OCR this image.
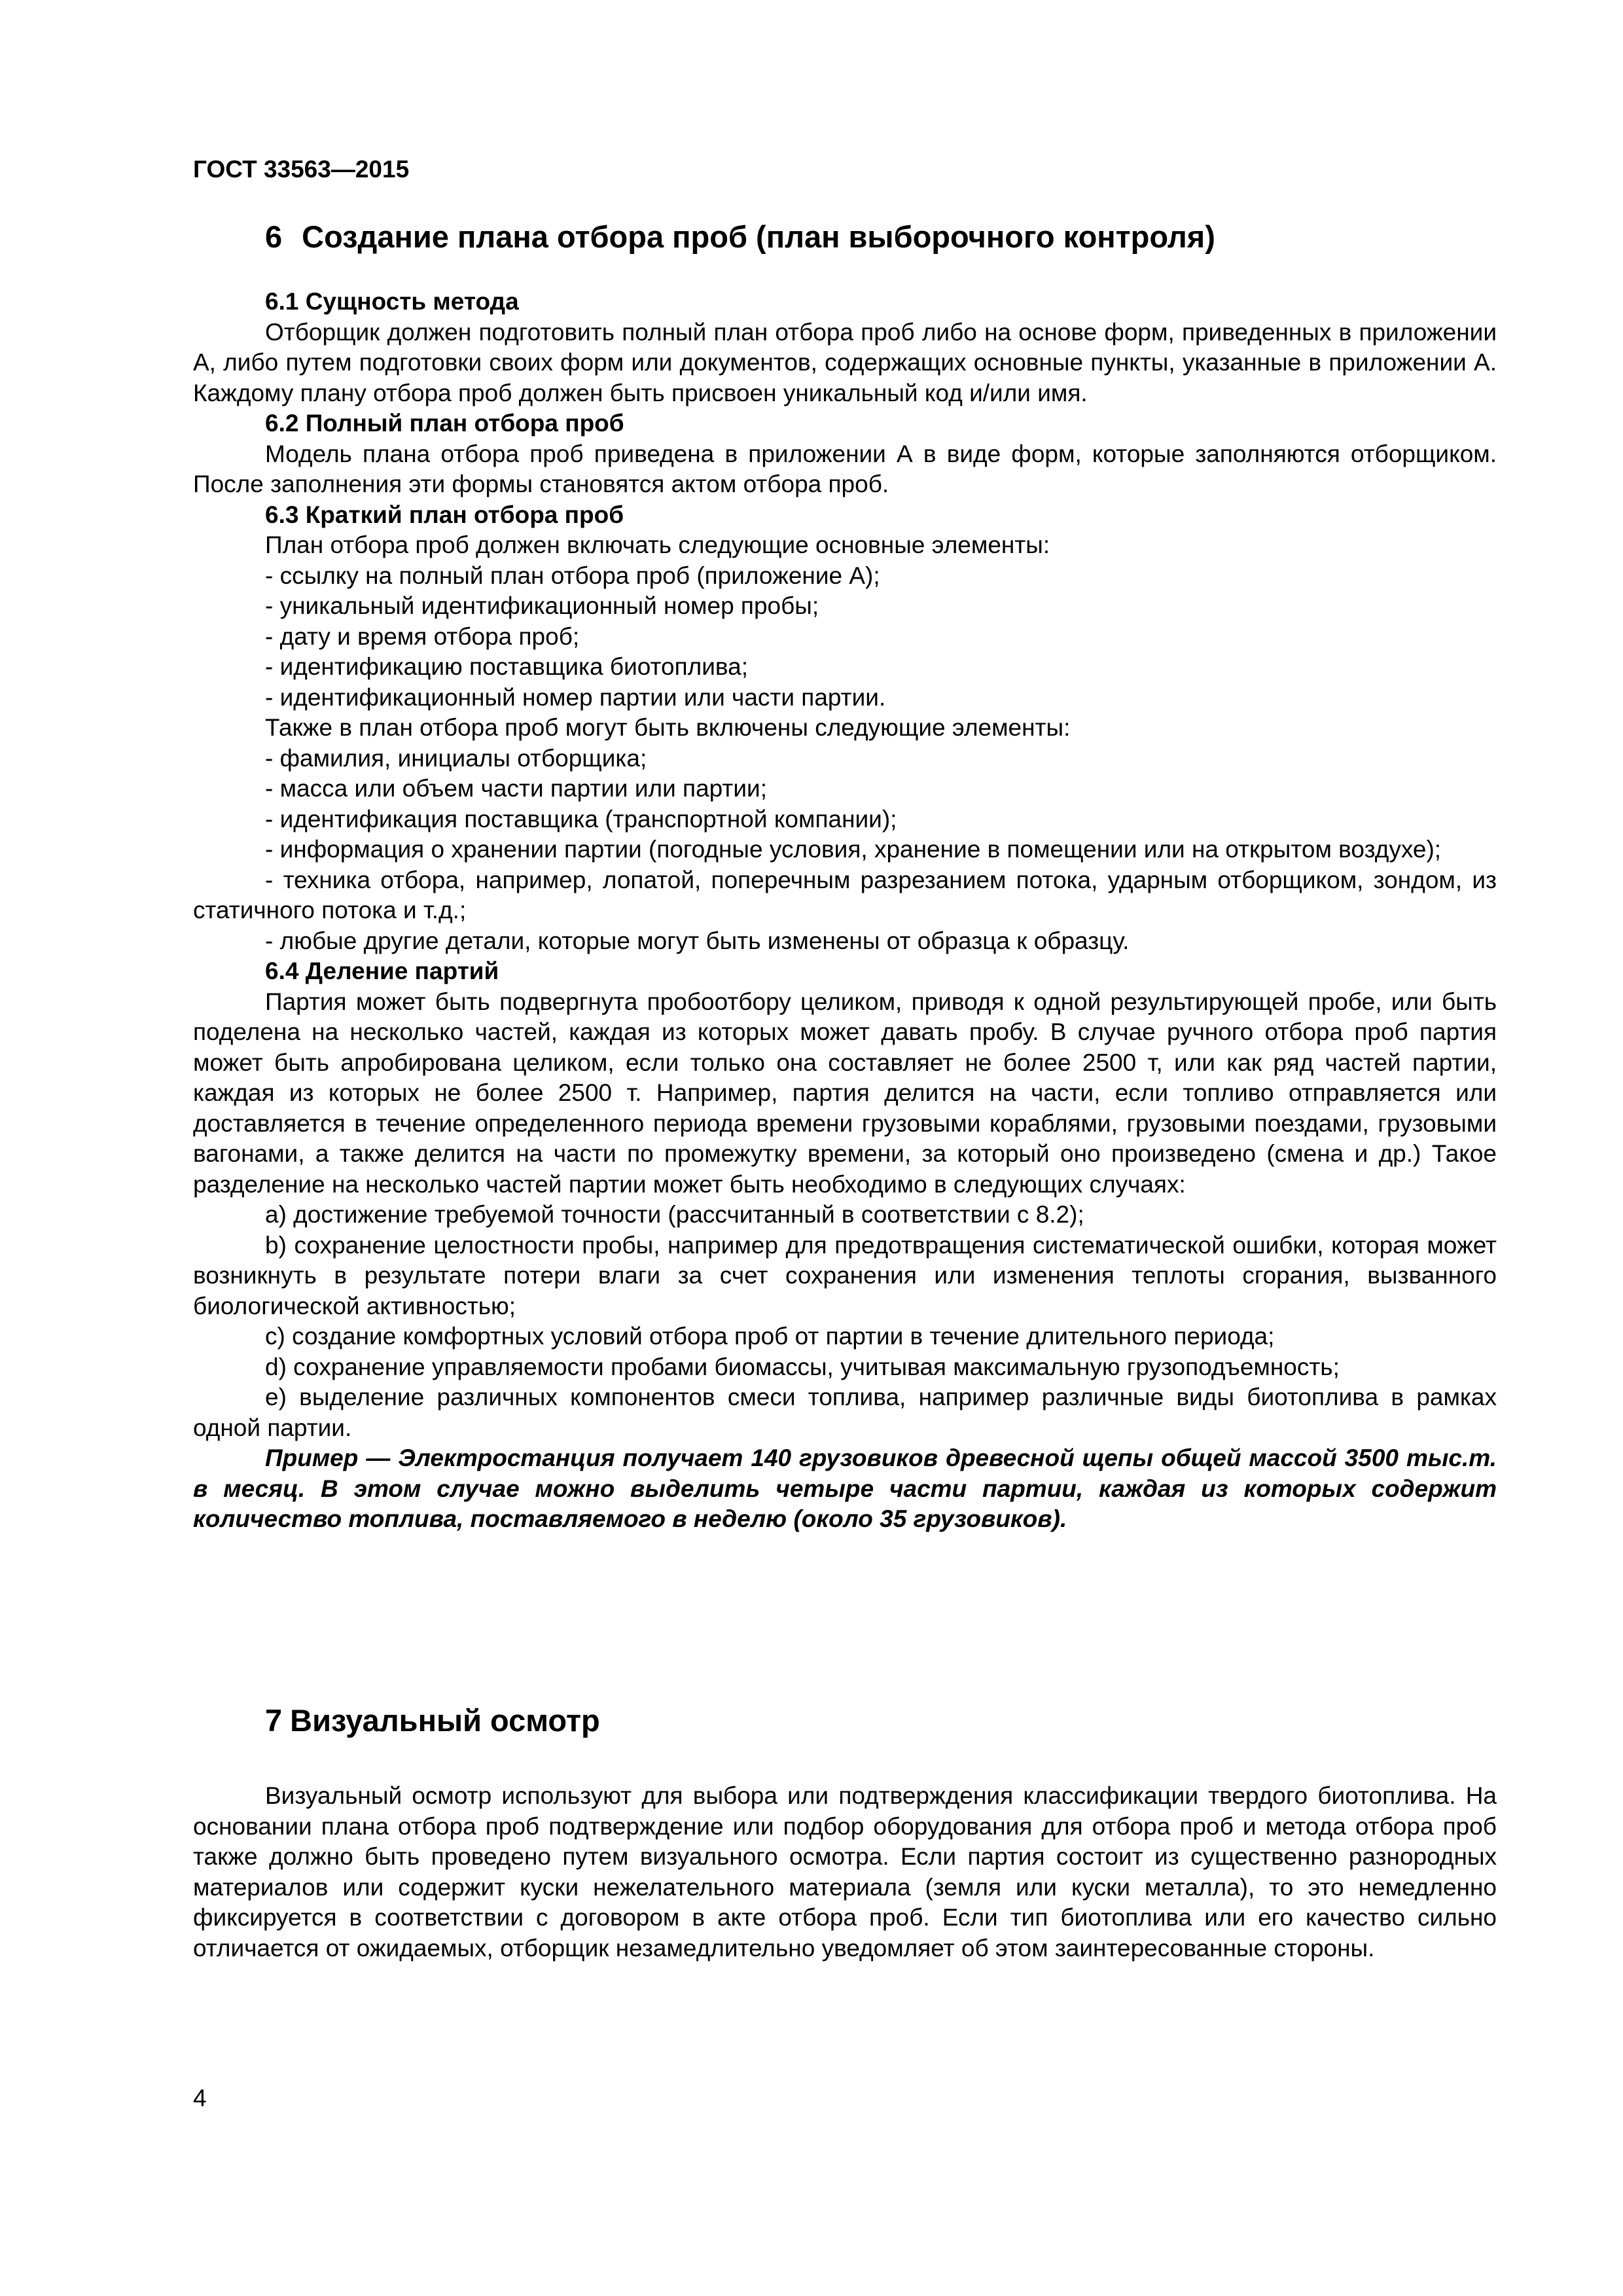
ГОСТ 33563—2015
6 Создание плана отбора проб (план выборочного контроля)

6.1 Сущность метода

Отборщик должен подготовить полный план отбора проб либо на основе форм, приведенных в приложении А, либо путем подготовки своих форм или документов, содержащих основные пункты, указанные в приложении А. Каждому плану отбора проб должен быть присвоен уникальный код и/или имя.

6.2 Полный план отбора проб

Модель плана отбора проб приведена в приложении А в виде форм, которые заполняются отборщиком. После заполнения эти формы становятся актом отбора проб.

6.3 Краткий план отбора проб

План отбора проб должен включать следующие основные элементы:

- ссылку на полный план отбора проб (приложение А);

- уникальный идентификационный номер пробы;

- дату и время отбора проб;

- идентификацию поставщика биотоплива;

- идентификационный номер партии или части партии.

Также в план отбора проб могут быть включены следующие элементы:

- фамилия, инициалы отборщика;

- масса или объем части партии или партии;

- идентификация поставщика (транспортной компании);

- информация о хранении партии (погодные условия, хранение в помещении или на открытом воздухе);

- техника отбора, например, лопатой, поперечным разрезанием потока, ударным отборщиком, зондом, из статичного потока и т.д.;

- любые другие детали, которые могут быть изменены от образца к образцу.

6.4 Деление партий

Партия может быть подвергнута пробоотбору целиком, приводя к одной результирующей пробе, или быть поделена на несколько частей, каждая из которых может давать пробу. В случае ручного отбора проб партия может быть апробирована целиком, если только она составляет не более 2500 т, или как ряд частей партии, каждая из которых не более 2500 т. Например, партия делится на части, если топливо отправляется или доставляется в течение определенного периода времени грузовыми кораблями, грузовыми поездами, грузовыми вагонами, а также делится на части по промежутку времени, за который оно произведено (смена и др.) Такое разделение на несколько частей партии может быть необходимо в следующих случаях:

a) достижение требуемой точности (рассчитанный в соответствии с 8.2);

b) сохранение целостности пробы, например для предотвращения систематической ошибки, которая может возникнуть в результате потери влаги за счет сохранения или изменения теплоты сгорания, вызванного биологической активностью;

c) создание комфортных условий отбора проб от партии в течение длительного периода;

d) сохранение управляемости пробами биомассы, учитывая максимальную грузоподъемность;

e) выделение различных компонентов смеси топлива, например различные виды биотоплива в рамках одной партии.

Пример — Электростанция получает 140 грузовиков древесной щепы общей массой 3500 тыс.т. в месяц. В этом случае можно выделить четыре части партии, каждая из которых содержит количество топлива, поставляемого в неделю (около 35 грузовиков).

7 Визуальный осмотр

Визуальный осмотр используют для выбора или подтверждения классификации твердого биотоплива. На основании плана отбора проб подтверждение или подбор оборудования для отбора проб и метода отбора проб также должно быть проведено путем визуального осмотра. Если партия состоит из существенно разнородных материалов или содержит куски нежелательного материала (земля или куски металла), то это немедленно фиксируется в соответствии с договором в акте отбора проб. Если тип биотоплива или его качество сильно отличается от ожидаемых, отборщик незамедлительно уведомляет об этом заинтересованные стороны.

4
